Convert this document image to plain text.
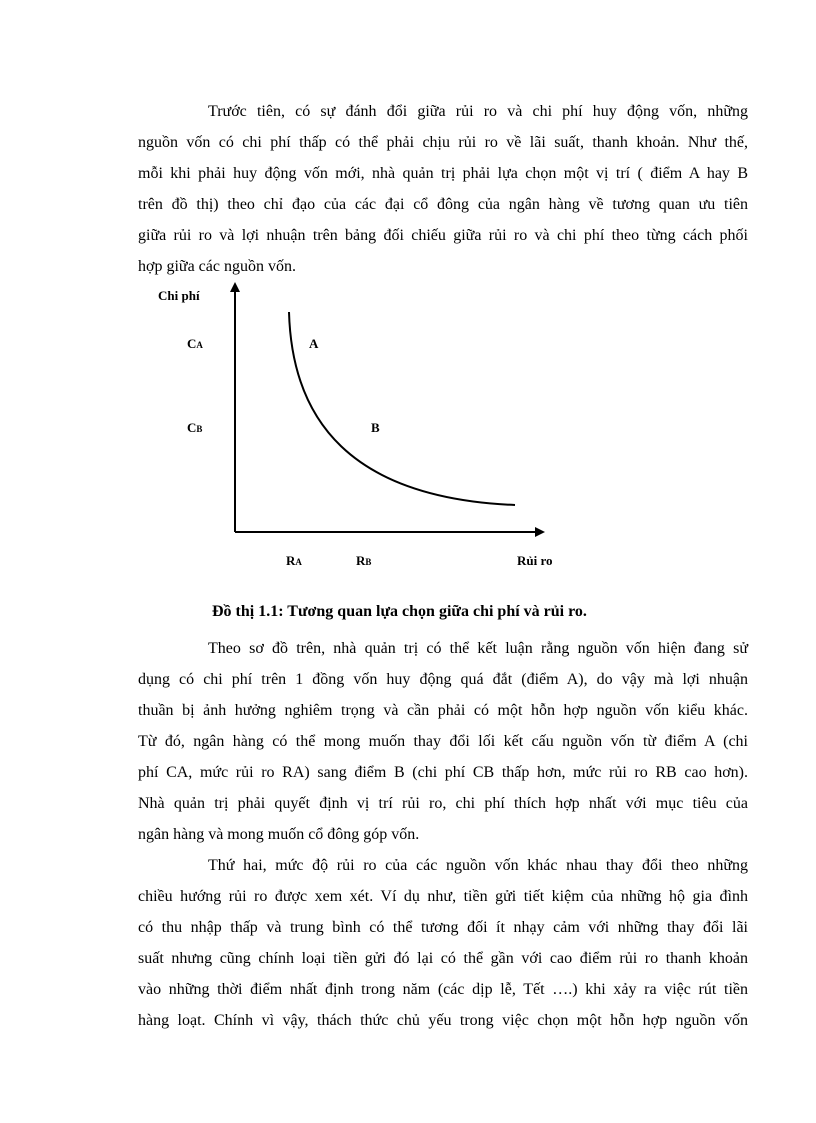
Trước tiên, có sự đánh đổi giữa rủi ro và chi phí huy động vốn, những
nguồn vốn có chi phí thấp có thể phải chịu rủi ro về lãi suất, thanh khoản. Như thế,
mỗi khi phải huy động vốn mới, nhà quản trị phải lựa chọn một vị trí ( điểm A hay B
trên đồ thị) theo chỉ đạo của các đại cổ đông của ngân hàng về tương quan ưu tiên
giữa rủi ro và lợi nhuận trên bảng đối chiếu giữa rủi ro và chi phí theo từng cách phối
hợp giữa các nguồn vốn.
Chi phí
Rủi ro
CA
CB
RA	RB
A
B
Đồ thị 1.1: Tương quan lựa chọn giữa chi phí và rủi ro.
Theo sơ đồ trên, nhà quản trị có thể kết luận rằng nguồn vốn hiện đang sử
dụng có chi phí trên 1 đồng vốn huy động quá đắt (điểm A), do vậy mà lợi nhuận
thuần bị ảnh hưởng nghiêm trọng và cần phải có một hỗn hợp nguồn vốn kiểu khác.
Từ đó, ngân hàng có thể mong muốn thay đổi lối kết cấu nguồn vốn từ điểm A (chi
phí CA, mức rủi ro RA) sang điểm B (chi phí CB thấp hơn, mức rủi ro RB cao hơn).
Nhà quản trị phải quyết định vị trí rủi ro, chi phí thích hợp nhất với mục tiêu của
ngân hàng và mong muốn cổ đông góp vốn.
Thứ hai, mức độ rủi ro của các nguồn vốn khác nhau thay đổi theo những
chiều hướng rủi ro được xem xét. Ví dụ như, tiền gửi tiết kiệm của những hộ gia đình
có thu nhập thấp và trung bình có thể tương đối ít nhạy cảm với những thay đổi lãi
suất nhưng cũng chính loại tiền gửi đó lại có thể gần với cao điểm rủi ro thanh khoản
vào những thời điểm nhất định trong năm (các dịp lễ, Tết ….) khi xảy ra việc rút tiền
hàng loạt. Chính vì vậy, thách thức chủ yếu trong việc chọn một hỗn hợp nguồn vốn
